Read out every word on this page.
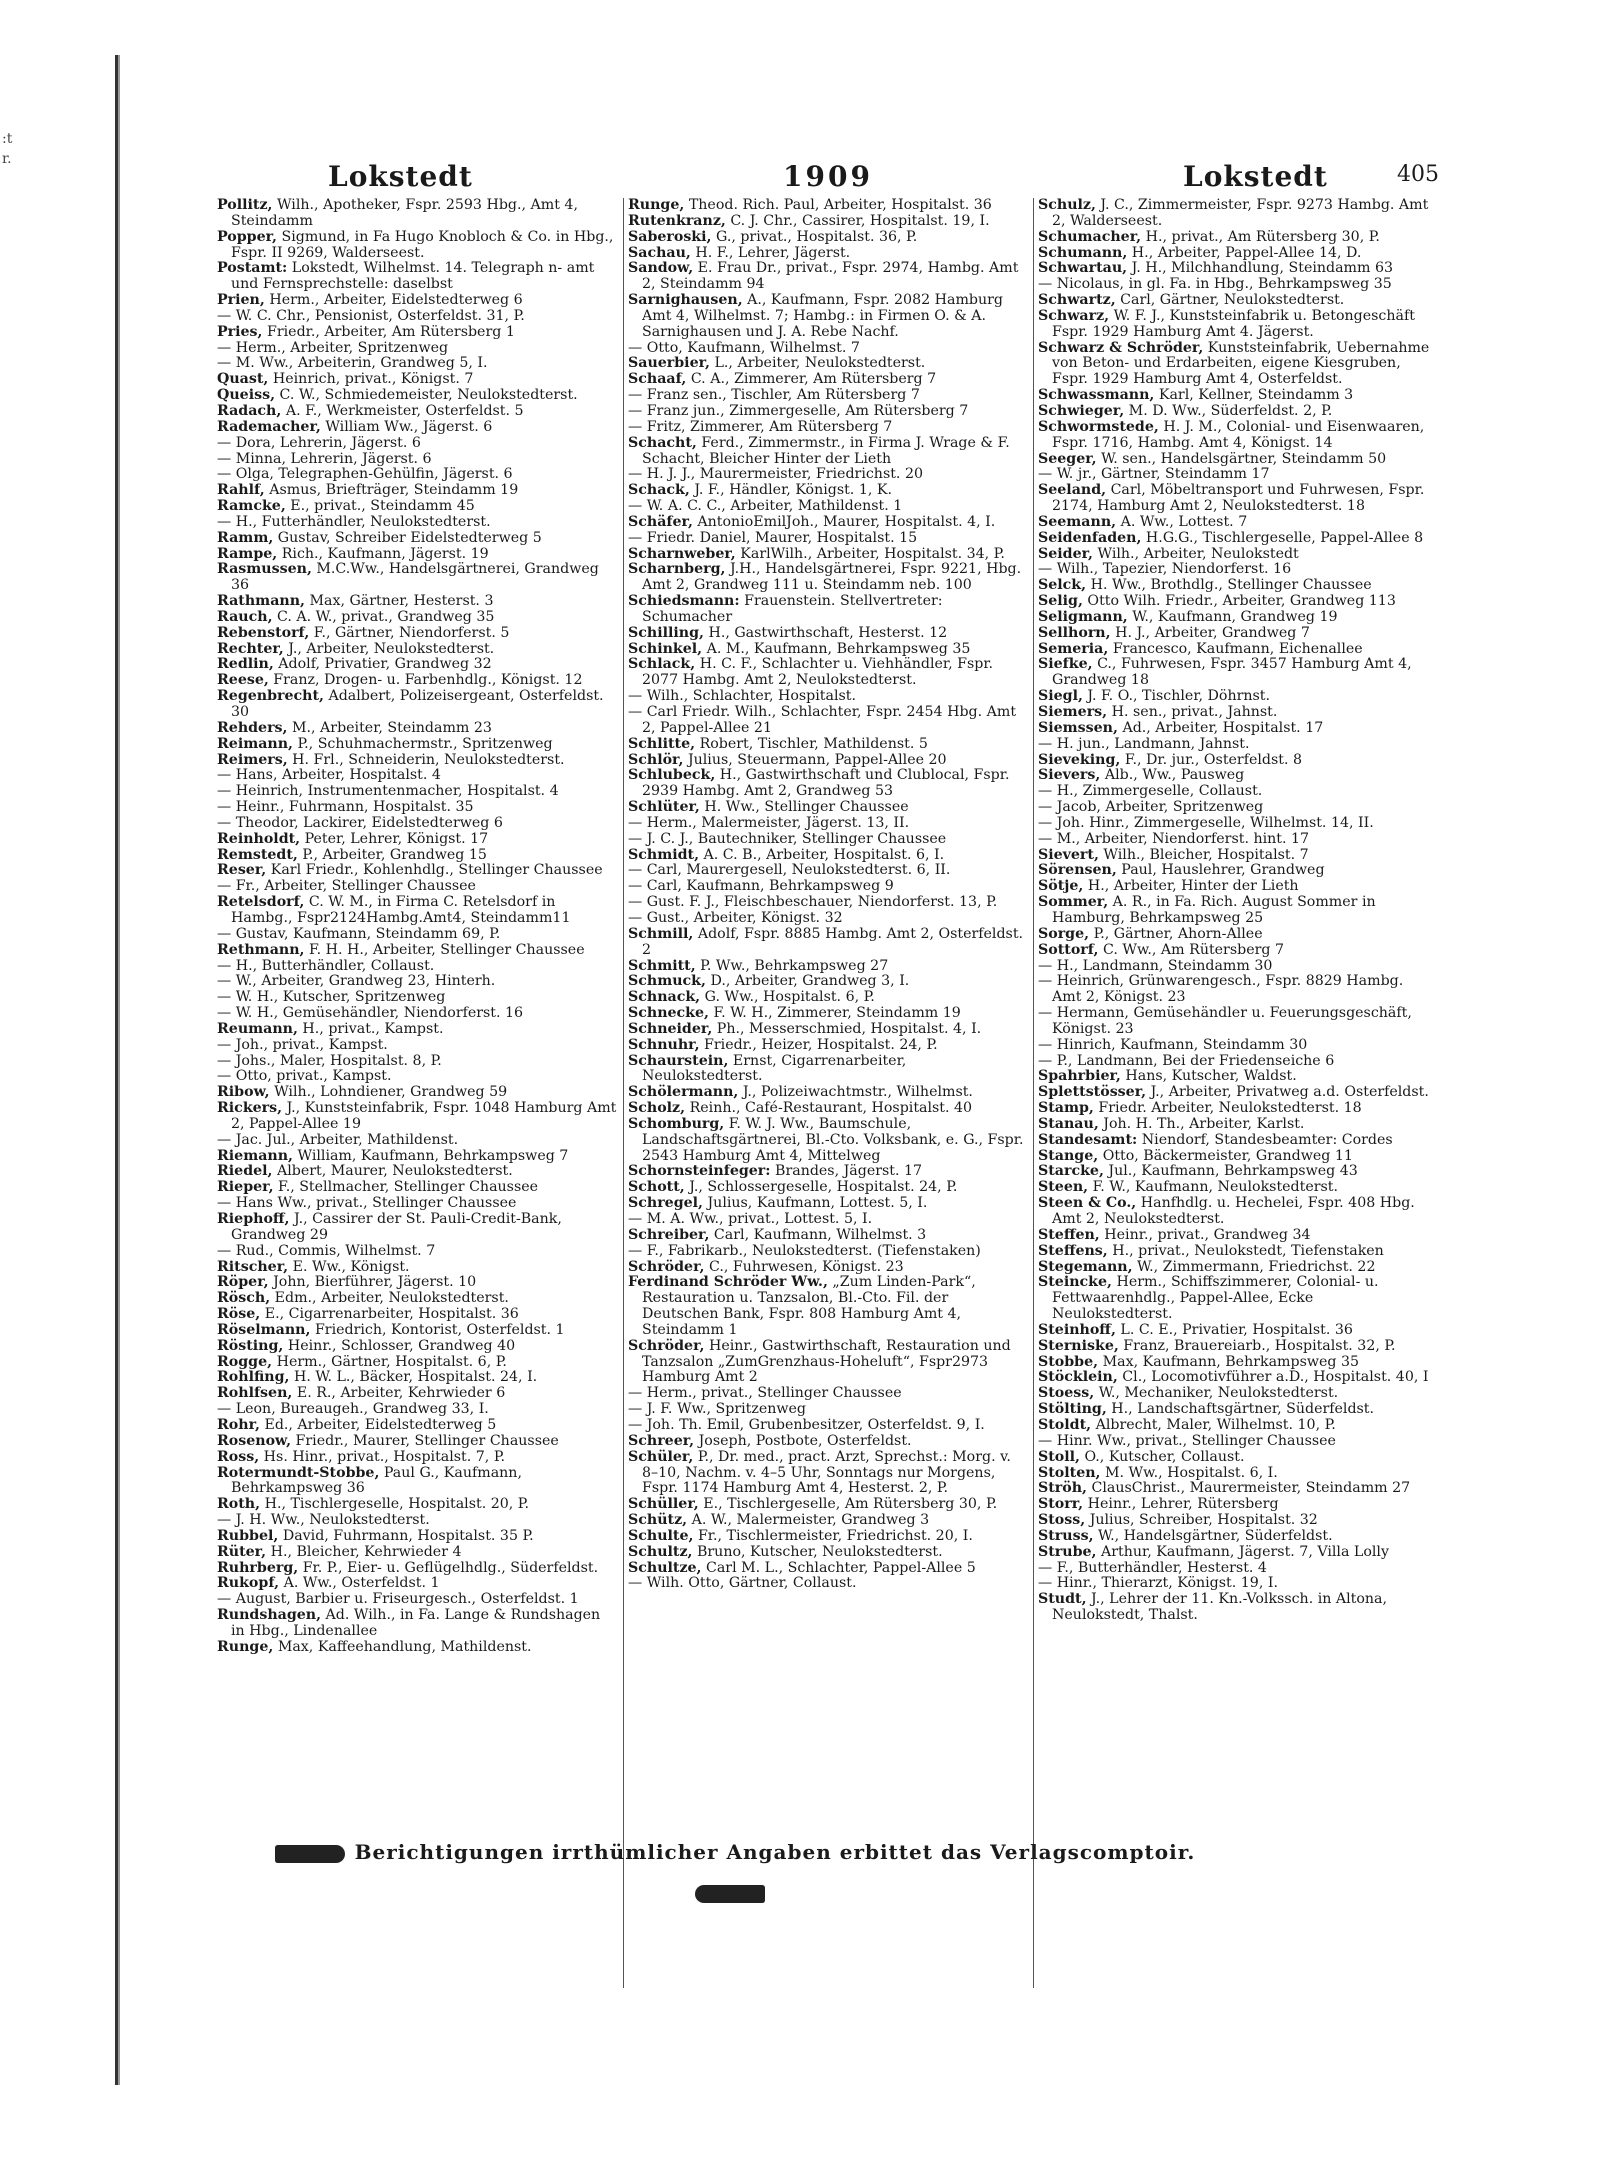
:t
r.
Lokstedt	1909	Lokstedt	405

Pollitz, Wilh., Apotheker, Fspr. 2593 Hbg., Amt 4, Steindamm

Popper, Sigmund, in Fa Hugo Knobloch & Co. in Hbg., Fspr. II 9269, Walderseest.

Postamt: Lokstedt, Wilhelmst. 14. Telegraph n- amt und Fernsprechstelle: daselbst

Prien, Herm., Arbeiter, Eidelstedterweg 6

— W. C. Chr., Pensionist, Osterfeldst. 31, P.

Pries, Friedr., Arbeiter, Am Rütersberg 1

— Herm., Arbeiter, Spritzenweg

— M. Ww., Arbeiterin, Grandweg 5, I.

Quast, Heinrich, privat., Königst. 7

Queiss, C. W., Schmiedemeister, Neulokstedterst.

Radach, A. F., Werkmeister, Osterfeldst. 5

Rademacher, William Ww., Jägerst. 6

— Dora, Lehrerin, Jägerst. 6

— Minna, Lehrerin, Jägerst. 6

— Olga, Telegraphen-Gehülfin, Jägerst. 6

Rahlf, Asmus, Briefträger, Steindamm 19

Ramcke, E., privat., Steindamm 45

— H., Futterhändler, Neulokstedterst.

Ramm, Gustav, Schreiber Eidelstedterweg 5

Rampe, Rich., Kaufmann, Jägerst. 19

Rasmussen, M.C.Ww., Handelsgärtnerei, Grandweg 36

Rathmann, Max, Gärtner, Hesterst. 3

Rauch, C. A. W., privat., Grandweg 35

Rebenstorf, F., Gärtner, Niendorferst. 5

Rechter, J., Arbeiter, Neulokstedterst.

Redlin, Adolf, Privatier, Grandweg 32

Reese, Franz, Drogen- u. Farbenhdlg., Königst. 12

Regenbrecht, Adalbert, Polizeisergeant, Osterfeldst. 30

Rehders, M., Arbeiter, Steindamm 23

Reimann, P., Schuhmachermstr., Spritzenweg

Reimers, H. Frl., Schneiderin, Neulokstedterst.

— Hans, Arbeiter, Hospitalst. 4

— Heinrich, Instrumentenmacher, Hospitalst. 4

— Heinr., Fuhrmann, Hospitalst. 35

— Theodor, Lackirer, Eidelstedterweg 6

Reinholdt, Peter, Lehrer, Königst. 17

Remstedt, P., Arbeiter, Grandweg 15

Reser, Karl Friedr., Kohlenhdlg., Stellinger Chaussee

— Fr., Arbeiter, Stellinger Chaussee

Retelsdorf, C. W. M., in Firma C. Retelsdorf in Hambg., Fspr2124Hambg.Amt4, Steindamm11

— Gustav, Kaufmann, Steindamm 69, P.

Rethmann, F. H. H., Arbeiter, Stellinger Chaussee

— H., Butterhändler, Collaust.

— W., Arbeiter, Grandweg 23, Hinterh.

— W. H., Kutscher, Spritzenweg

— W. H., Gemüsehändler, Niendorferst. 16

Reumann, H., privat., Kampst.

— Joh., privat., Kampst.

— Johs., Maler, Hospitalst. 8, P.

— Otto, privat., Kampst.

Ribow, Wilh., Lohndiener, Grandweg 59

Rickers, J., Kunststeinfabrik, Fspr. 1048 Hamburg Amt 2, Pappel-Allee 19

— Jac. Jul., Arbeiter, Mathildenst.

Riemann, William, Kaufmann, Behrkampsweg 7

Riedel, Albert, Maurer, Neulokstedterst.

Rieper, F., Stellmacher, Stellinger Chaussee

— Hans Ww., privat., Stellinger Chaussee

Riephoff, J., Cassirer der St. Pauli-Credit-Bank, Grandweg 29

— Rud., Commis, Wilhelmst. 7

Ritscher, E. Ww., Königst.

Röper, John, Bierführer, Jägerst. 10

Rösch, Edm., Arbeiter, Neulokstedterst.

Röse, E., Cigarrenarbeiter, Hospitalst. 36

Röselmann, Friedrich, Kontorist, Osterfeldst. 1

Rösting, Heinr., Schlosser, Grandweg 40

Rogge, Herm., Gärtner, Hospitalst. 6, P.

Rohlfing, H. W. L., Bäcker, Hospitalst. 24, I.

Rohlfsen, E. R., Arbeiter, Kehrwieder 6

— Leon, Bureaugeh., Grandweg 33, I.

Rohr, Ed., Arbeiter, Eidelstedterweg 5

Rosenow, Friedr., Maurer, Stellinger Chaussee

Ross, Hs. Hinr., privat., Hospitalst. 7, P.

Rotermundt-Stobbe, Paul G., Kaufmann, Behrkampsweg 36

Roth, H., Tischlergeselle, Hospitalst. 20, P.

— J. H. Ww., Neulokstedterst.

Rubbel, David, Fuhrmann, Hospitalst. 35 P.

Rüter, H., Bleicher, Kehrwieder 4

Ruhrberg, Fr. P., Eier- u. Geflügelhdlg., Süderfeldst.

Rukopf, A. Ww., Osterfeldst. 1

— August, Barbier u. Friseurgesch., Osterfeldst. 1

Rundshagen, Ad. Wilh., in Fa. Lange & Rundshagen in Hbg., Lindenallee

Runge, Max, Kaffeehandlung, Mathildenst.

Runge, Theod. Rich. Paul, Arbeiter, Hospitalst. 36

Rutenkranz, C. J. Chr., Cassirer, Hospitalst. 19, I.

Saberoski, G., privat., Hospitalst. 36, P.

Sachau, H. F., Lehrer, Jägerst.

Sandow, E. Frau Dr., privat., Fspr. 2974, Hambg. Amt 2, Steindamm 94

Sarnighausen, A., Kaufmann, Fspr. 2082 Hamburg Amt 4, Wilhelmst. 7; Hambg.: in Firmen O. & A. Sarnighausen und J. A. Rebe Nachf.

— Otto, Kaufmann, Wilhelmst. 7

Sauerbier, L., Arbeiter, Neulokstedterst.

Schaaf, C. A., Zimmerer, Am Rütersberg 7

— Franz sen., Tischler, Am Rütersberg 7

— Franz jun., Zimmergeselle, Am Rütersberg 7

— Fritz, Zimmerer, Am Rütersberg 7

Schacht, Ferd., Zimmermstr., in Firma J. Wrage & F. Schacht, Bleicher Hinter der Lieth

— H. J. J., Maurermeister, Friedrichst. 20

Schack, J. F., Händler, Königst. 1, K.

— W. A. C. C., Arbeiter, Mathildenst. 1

Schäfer, AntonioEmilJoh., Maurer, Hospitalst. 4, I.

— Friedr. Daniel, Maurer, Hospitalst. 15

Scharnweber, KarlWilh., Arbeiter, Hospitalst. 34, P.

Scharnberg, J.H., Handelsgärtnerei, Fspr. 9221, Hbg. Amt 2, Grandweg 111 u. Steindamm neb. 100

Schiedsmann: Frauenstein. Stellvertreter: Schumacher

Schilling, H., Gastwirthschaft, Hesterst. 12

Schinkel, A. M., Kaufmann, Behrkampsweg 35

Schlack, H. C. F., Schlachter u. Viehhändler, Fspr. 2077 Hambg. Amt 2, Neulokstedterst.

— Wilh., Schlachter, Hospitalst.

— Carl Friedr. Wilh., Schlachter, Fspr. 2454 Hbg. Amt 2, Pappel-Allee 21

Schlitte, Robert, Tischler, Mathildenst. 5

Schlör, Julius, Steuermann, Pappel-Allee 20

Schlubeck, H., Gastwirthschaft und Clublocal, Fspr. 2939 Hambg. Amt 2, Grandweg 53

Schlüter, H. Ww., Stellinger Chaussee

— Herm., Malermeister, Jägerst. 13, II.

— J. C. J., Bautechniker, Stellinger Chaussee

Schmidt, A. C. B., Arbeiter, Hospitalst. 6, I.

— Carl, Maurergesell, Neulokstedterst. 6, II.

— Carl, Kaufmann, Behrkampsweg 9

— Gust. F. J., Fleischbeschauer, Niendorferst. 13, P.

— Gust., Arbeiter, Königst. 32

Schmill, Adolf, Fspr. 8885 Hambg. Amt 2, Osterfeldst. 2

Schmitt, P. Ww., Behrkampsweg 27

Schmuck, D., Arbeiter, Grandweg 3, I.

Schnack, G. Ww., Hospitalst. 6, P.

Schnecke, F. W. H., Zimmerer, Steindamm 19

Schneider, Ph., Messerschmied, Hospitalst. 4, I.

Schnuhr, Friedr., Heizer, Hospitalst. 24, P.

Schaurstein, Ernst, Cigarrenarbeiter, Neulokstedterst.

Schölermann, J., Polizeiwachtmstr., Wilhelmst.

Scholz, Reinh., Café-Restaurant, Hospitalst. 40

Schomburg, F. W. J. Ww., Baumschule, Landschaftsgärtnerei, Bl.-Cto. Volksbank, e. G., Fspr. 2543 Hamburg Amt 4, Mittelweg

Schornsteinfeger: Brandes, Jägerst. 17

Schott, J., Schlossergeselle, Hospitalst. 24, P.

Schregel, Julius, Kaufmann, Lottest. 5, I.

— M. A. Ww., privat., Lottest. 5, I.

Schreiber, Carl, Kaufmann, Wilhelmst. 3

— F., Fabrikarb., Neulokstedterst. (Tiefenstaken)

Schröder, C., Fuhrwesen, Königst. 23

Ferdinand Schröder Ww., „Zum Linden-Park“, Restauration u. Tanzsalon, Bl.-Cto. Fil. der Deutschen Bank, Fspr. 808 Hamburg Amt 4, Steindamm 1

Schröder, Heinr., Gastwirthschaft, Restauration und Tanzsalon „ZumGrenzhaus-Hoheluft“, Fspr2973 Hamburg Amt 2

— Herm., privat., Stellinger Chaussee

— J. F. Ww., Spritzenweg

— Joh. Th. Emil, Grubenbesitzer, Osterfeldst. 9, I.

Schreer, Joseph, Postbote, Osterfeldst.

Schüler, P., Dr. med., pract. Arzt, Sprechst.: Morg. v. 8–10, Nachm. v. 4–5 Uhr, Sonntags nur Morgens, Fspr. 1174 Hamburg Amt 4, Hesterst. 2, P.

Schüller, E., Tischlergeselle, Am Rütersberg 30, P.

Schütz, A. W., Malermeister, Grandweg 3

Schulte, Fr., Tischlermeister, Friedrichst. 20, I.

Schultz, Bruno, Kutscher, Neulokstedterst.

Schultze, Carl M. L., Schlachter, Pappel-Allee 5

— Wilh. Otto, Gärtner, Collaust.

Schulz, J. C., Zimmermeister, Fspr. 9273 Hambg. Amt 2, Walderseest.

Schumacher, H., privat., Am Rütersberg 30, P.

Schumann, H., Arbeiter, Pappel-Allee 14, D.

Schwartau, J. H., Milchhandlung, Steindamm 63

— Nicolaus, in gl. Fa. in Hbg., Behrkampsweg 35

Schwartz, Carl, Gärtner, Neulokstedterst.

Schwarz, W. F. J., Kunststeinfabrik u. Betongeschäft Fspr. 1929 Hamburg Amt 4. Jägerst.

Schwarz & Schröder, Kunststeinfabrik, Uebernahme von Beton- und Erdarbeiten, eigene Kiesgruben, Fspr. 1929 Hamburg Amt 4, Osterfeldst.

Schwassmann, Karl, Kellner, Steindamm 3

Schwieger, M. D. Ww., Süderfeldst. 2, P.

Schwormstede, H. J. M., Colonial- und Eisenwaaren, Fspr. 1716, Hambg. Amt 4, Königst. 14

Seeger, W. sen., Handelsgärtner, Steindamm 50

— W. jr., Gärtner, Steindamm 17

Seeland, Carl, Möbeltransport und Fuhrwesen, Fspr. 2174, Hamburg Amt 2, Neulokstedterst. 18

Seemann, A. Ww., Lottest. 7

Seidenfaden, H.G.G., Tischlergeselle, Pappel-Allee 8

Seider, Wilh., Arbeiter, Neulokstedt

— Wilh., Tapezier, Niendorferst. 16

Selck, H. Ww., Brothdlg., Stellinger Chaussee

Selig, Otto Wilh. Friedr., Arbeiter, Grandweg 113

Seligmann, W., Kaufmann, Grandweg 19

Sellhorn, H. J., Arbeiter, Grandweg 7

Semeria, Francesco, Kaufmann, Eichenallee

Siefke, C., Fuhrwesen, Fspr. 3457 Hamburg Amt 4, Grandweg 18

Siegl, J. F. O., Tischler, Döhrnst.

Siemers, H. sen., privat., Jahnst.

Siemssen, Ad., Arbeiter, Hospitalst. 17

— H. jun., Landmann, Jahnst.

Sieveking, F., Dr. jur., Osterfeldst. 8

Sievers, Alb., Ww., Pausweg

— H., Zimmergeselle, Collaust.

— Jacob, Arbeiter, Spritzenweg

— Joh. Hinr., Zimmergeselle, Wilhelmst. 14, II.

— M., Arbeiter, Niendorferst. hint. 17

Sievert, Wilh., Bleicher, Hospitalst. 7

Sörensen, Paul, Hauslehrer, Grandweg

Sötje, H., Arbeiter, Hinter der Lieth

Sommer, A. R., in Fa. Rich. August Sommer in Hamburg, Behrkampsweg 25

Sorge, P., Gärtner, Ahorn-Allee

Sottorf, C. Ww., Am Rütersberg 7

— H., Landmann, Steindamm 30

— Heinrich, Grünwarengesch., Fspr. 8829 Hambg. Amt 2, Königst. 23

— Hermann, Gemüsehändler u. Feuerungsgeschäft, Königst. 23

— Hinrich, Kaufmann, Steindamm 30

— P., Landmann, Bei der Friedenseiche 6

Spahrbier, Hans, Kutscher, Waldst.

Splettstösser, J., Arbeiter, Privatweg a.d. Osterfeldst.

Stamp, Friedr. Arbeiter, Neulokstedterst. 18

Stanau, Joh. H. Th., Arbeiter, Karlst.

Standesamt: Niendorf, Standesbeamter: Cordes

Stange, Otto, Bäckermeister, Grandweg 11

Starcke, Jul., Kaufmann, Behrkampsweg 43

Steen, F. W., Kaufmann, Neulokstedterst.

Steen & Co., Hanfhdlg. u. Hechelei, Fspr. 408 Hbg. Amt 2, Neulokstedterst.

Steffen, Heinr., privat., Grandweg 34

Steffens, H., privat., Neulokstedt, Tiefenstaken

Stegemann, W., Zimmermann, Friedrichst. 22

Steincke, Herm., Schiffszimmerer, Colonial- u. Fettwaarenhdlg., Pappel-Allee, Ecke Neulokstedterst.

Steinhoff, L. C. E., Privatier, Hospitalst. 36

Sterniske, Franz, Brauereiarb., Hospitalst. 32, P.

Stobbe, Max, Kaufmann, Behrkampsweg 35

Stöcklein, Cl., Locomotivführer a.D., Hospitalst. 40, I

Stoess, W., Mechaniker, Neulokstedterst.

Stölting, H., Landschaftsgärtner, Süderfeldst.

Stoldt, Albrecht, Maler, Wilhelmst. 10, P.

— Hinr. Ww., privat., Stellinger Chaussee

Stoll, O., Kutscher, Collaust.

Stolten, M. Ww., Hospitalst. 6, I.

Ströh, ClausChrist., Maurermeister, Steindamm 27

Storr, Heinr., Lehrer, Rütersberg

Stoss, Julius, Schreiber, Hospitalst. 32

Struss, W., Handelsgärtner, Süderfeldst.

Strube, Arthur, Kaufmann, Jägerst. 7, Villa Lolly

— F., Butterhändler, Hesterst. 4

— Hinr., Thierarzt, Königst. 19, I.

Studt, J., Lehrer der 11. Kn.-Volkssch. in Altona, Neulokstedt, Thalst.

Berichtigungen irrthümlicher Angaben erbittet das Verlagscomptoir.
